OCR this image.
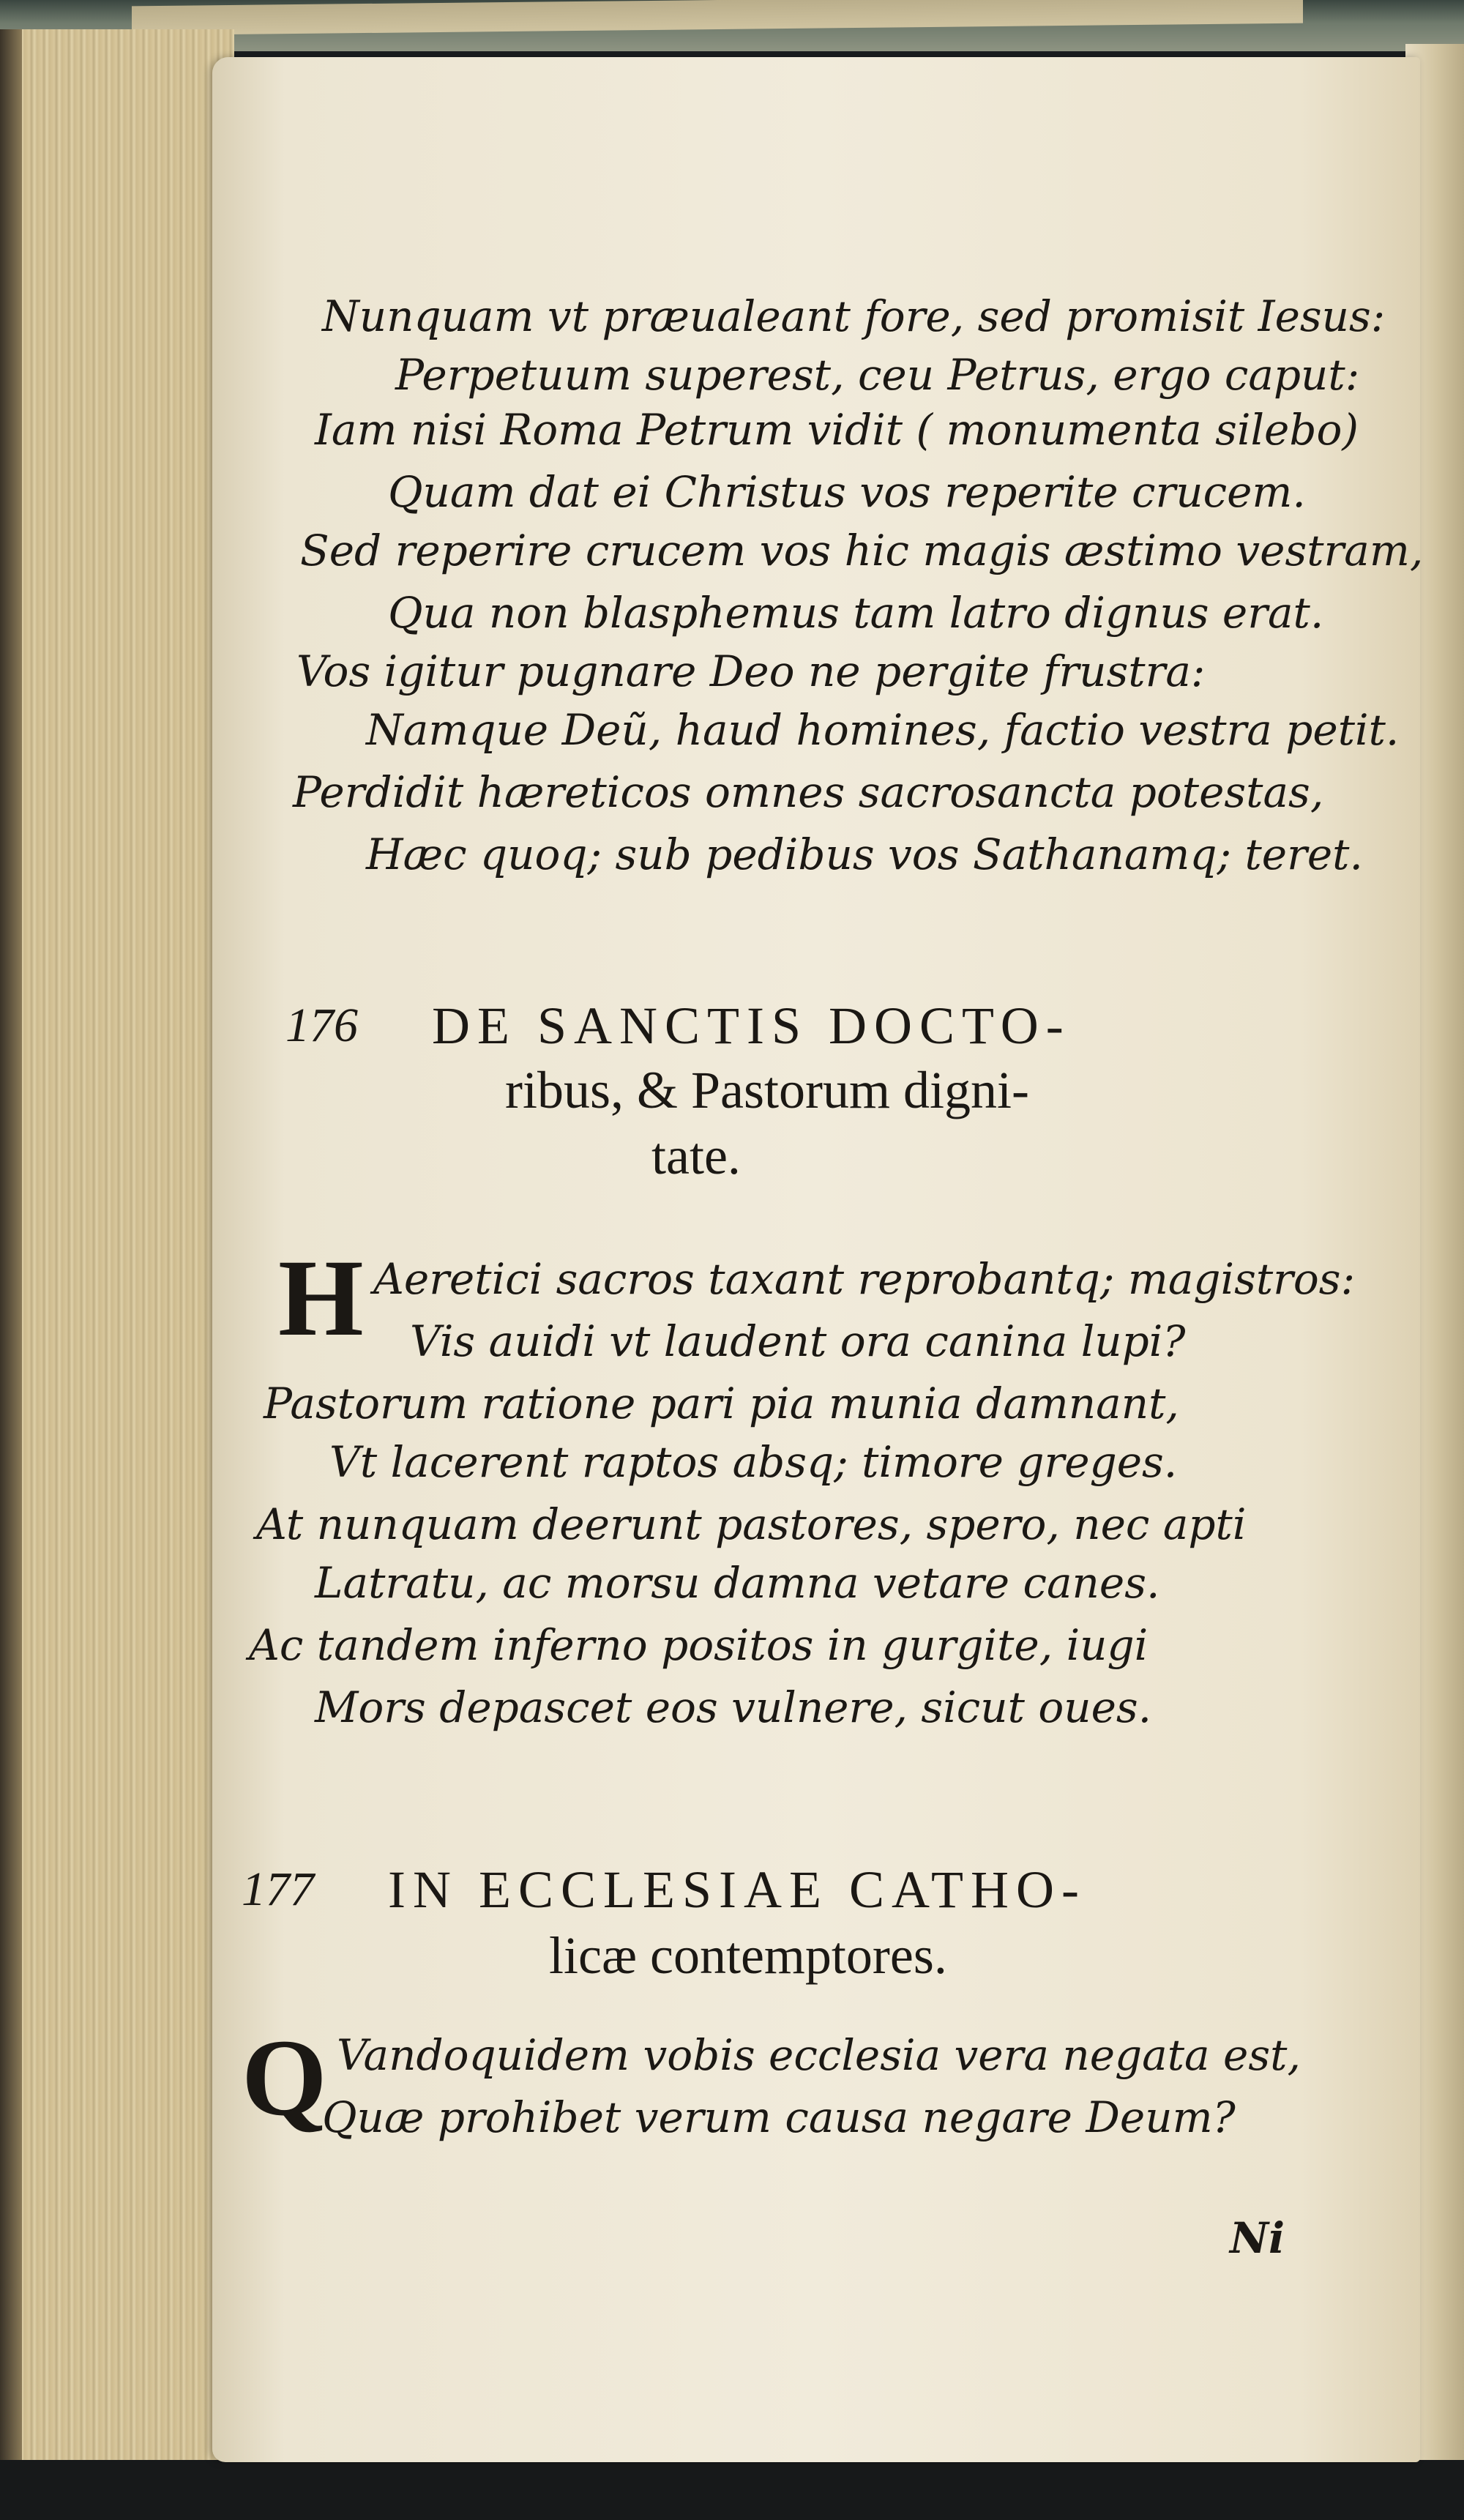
Nunquam vt præualeant fore, sed promisit Iesus:
Perpetuum superest, ceu Petrus, ergo caput:
Iam nisi Roma Petrum vidit ( monumenta silebo)
Quam dat ei Christus vos reperite crucem.
Sed reperire crucem vos hic magis æstimo vestram,
Qua non blasphemus tam latro dignus erat.
Vos igitur pugnare Deo ne pergite frustra:
Namque Deũ, haud homines, factio vestra petit.
Perdidit hæreticos omnes sacrosancta potestas,
Hæc quoq; sub pedibus vos Sathanamq; teret.
176 DE SANCTIS DOCTO-
ribus, & Pastorum digni-
tate.
H Aeretici sacros taxant reprobantq; magistros:
Vis auidi vt laudent ora canina lupi?
Pastorum ratione pari pia munia damnant,
Vt lacerent raptos absq; timore greges.
At nunquam deerunt pastores, spero, nec apti
Latratu, ac morsu damna vetare canes.
Ac tandem inferno positos in gurgite, iugi
Mors depascet eos vulnere, sicut oues.
177 IN ECCLESIAE CATHO-
licæ contemptores.
Q Vandoquidem vobis ecclesia vera negata est,
Quæ prohibet verum causa negare Deum?
Ni
